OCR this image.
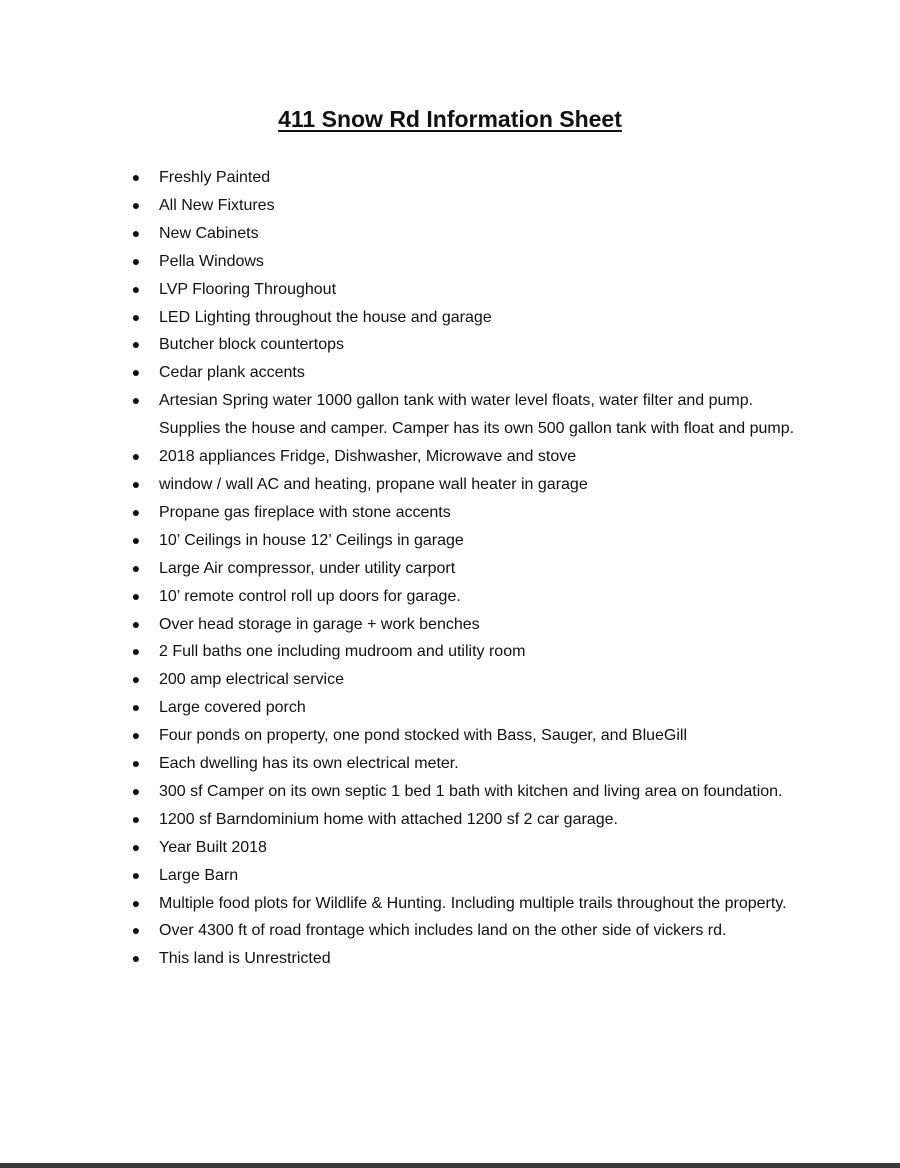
411 Snow Rd Information Sheet
● Freshly Painted
● All New Fixtures
● New Cabinets
● Pella Windows
● LVP Flooring Throughout
● LED Lighting throughout the house and garage
● Butcher block countertops
● Cedar plank accents
● Artesian Spring water 1000 gallon tank with water level floats, water filter and pump. Supplies the house and camper. Camper has its own 500 gallon tank with float and pump.
● 2018 appliances Fridge, Dishwasher, Microwave and stove
● window / wall AC and heating, propane wall heater in garage
● Propane gas fireplace with stone accents
● 10’ Ceilings in house 12’ Ceilings in garage
● Large Air compressor, under utility carport
● 10’ remote control roll up doors for garage.
● Over head storage in garage + work benches
● 2 Full baths one including mudroom and utility room
● 200 amp electrical service
● Large covered porch
● Four ponds on property, one pond stocked with Bass, Sauger, and BlueGill
● Each dwelling has its own electrical meter.
● 300 sf Camper on its own septic 1 bed 1 bath with kitchen and living area on foundation.
● 1200 sf Barndominium home with attached 1200 sf 2 car garage.
● Year Built 2018
● Large Barn
● Multiple food plots for Wildlife & Hunting. Including multiple trails throughout the property.
● Over 4300 ft of road frontage which includes land on the other side of vickers rd.
● This land is Unrestricted
